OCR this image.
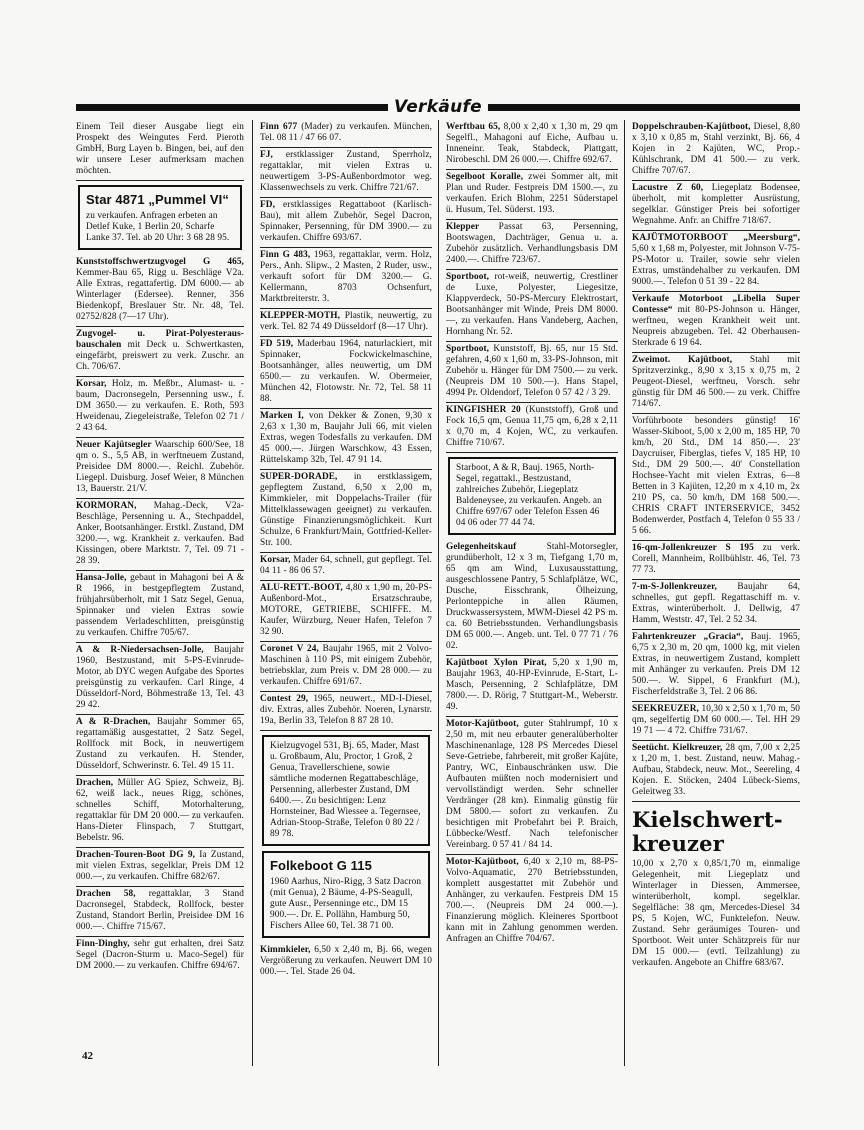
Verkäufe
Einem Teil dieser Ausgabe liegt ein Prospekt des Weingutes Ferd. Pieroth GmbH, Burg Layen b. Bingen, bei, auf den wir unsere Leser aufmerksam machen möchten.
Star 4871 „Pummel VI“
zu verkaufen. Anfragen erbeten an Detlef Kuke, 1 Berlin 20, Scharfe Lanke 37. Tel. ab 20 Uhr: 3 68 28 95.
Kunststoffschwertzugvogel G 465, Kemmer-Bau 65, Rigg u. Beschläge V2a. Alle Extras, regattafertig. DM 6000.— ab Winterlager (Edersee). Renner, 356 Biedenkopf, Breslauer Str. Nr. 48, Tel. 02752/828 (7—17 Uhr).
Zugvogel- u. Pirat-Polyesteraus-bauschalen mit Deck u. Schwertkasten, eingefärbt, preiswert zu verk. Zuschr. an Ch. 706/67.
Korsar, Holz, m. Meßbr., Alumast- u. -baum, Dacronsegeln, Persenning usw., f. DM 3650.— zu verkaufen. E. Roth, 593 Hweidenau, Ziegeleistraße, Telefon 02 71 / 2 43 64.
Neuer Kajütsegler Waarschip 600/See, 18 qm o. S., 5,5 AB, in werftneuem Zustand, Preisidee DM 8000.—. Reichl. Zubehör. Liegepl. Duisburg. Josef Weier, 8 München 13, Bauerstr. 21/V.
KORMORAN, Mahag.-Deck, V2a-Beschläge, Persenning u. A., Stechpaddel, Anker, Bootsanhänger. Erstkl. Zustand, DM 3200.—, wg. Krankheit z. verkaufen. Bad Kissingen, obere Marktstr. 7, Tel. 09 71 - 28 39.
Hansa-Jolle, gebaut in Mahagoni bei A & R 1966, in bestgepflegtem Zustand, frühjahrsüberholt, mit 1 Satz Segel, Genua, Spinnaker und vielen Extras sowie passendem Verladeschlitten, preisgünstig zu verkaufen. Chiffre 705/67.
A & R-Niedersachsen-Jolle, Baujahr 1960, Bestzustand, mit 5-PS-Evinrude-Motor, ab DYC wegen Aufgabe des Sportes preisgünstig zu verkaufen. Carl Ringe, 4 Düsseldorf-Nord, Böhmestraße 13, Tel. 43 29 42.
A & R-Drachen, Baujahr Sommer 65, regattamäßig ausgestattet, 2 Satz Segel, Rollfock mit Bock, in neuwertigem Zustand zu verkaufen. H. Stender, Düsseldorf, Schwerinstr. 6. Tel. 49 15 11.
Drachen, Müller AG Spiez, Schweiz, Bj. 62, weiß lack., neues Rigg, schönes, schnelles Schiff, Motorhalterung, regattaklar für DM 20 000.— zu verkaufen. Hans-Dieter Flinspach, 7 Stuttgart, Bebelstr. 96.
Drachen-Touren-Boot DG 9, Ia Zustand, mit vielen Extras, segelklar, Preis DM 12 000.—, zu verkaufen. Chiffre 682/67.
Drachen 58, regattaklar, 3 Stand Dacronsegel, Stabdeck, Rollfock, bester Zustand, Standort Berlin, Preisidee DM 16 000.—. Chiffre 715/67.
Finn-Dinghy, sehr gut erhalten, drei Satz Segel (Dacron-Sturm u. Maco-Segel) für DM 2000.— zu verkaufen. Chiffre 694/67.
Finn 677 (Mader) zu verkaufen. München, Tel. 08 11 / 47 66 07.
FJ, erstklassiger Zustand, Sperrholz, regattaklar, mit vielen Extras u. neuwertigem 3-PS-Außenbordmotor weg. Klassenwechsels zu verk. Chiffre 721/67.
FD, erstklassiges Regattaboot (Karlisch-Bau), mit allem Zubehör, Segel Dacron, Spinnaker, Persenning, für DM 3900.— zu verkaufen. Chiffre 693/67.
Finn G 483, 1963, regattaklar, verm. Holz, Pers., Anh. Slipw., 2 Masten, 2 Ruder, usw., verkauft sofort für DM 3200.— G. Kellermann, 8703 Ochsenfurt, Marktbreiterstr. 3.
KLEPPER-MOTH, Plastik, neuwertig, zu verk. Tel. 82 74 49 Düsseldorf (8—17 Uhr).
FD 519, Maderbau 1964, naturlackiert, mit Spinnaker, Fockwickelmaschine, Bootsanhänger, alles neuwertig, um DM 6500.— zu verkaufen. W. Obermeier, München 42, Flotowstr. Nr. 72, Tel. 58 11 88.
Marken I, von Dekker & Zonen, 9,30 x 2,63 x 1,30 m, Baujahr Juli 66, mit vielen Extras, wegen Todesfalls zu verkaufen. DM 45 000.—. Jürgen Warschkow, 43 Essen, Rüttelskamp 32b, Tel. 47 91 14.
SUPER-DORADE, in erstklassigem, gepflegtem Zustand, 6,50 x 2,00 m, Kimmkieler, mit Doppelachs-Trailer (für Mittelklassewagen geeignet) zu verkaufen. Günstige Finanzierungsmöglichkeit. Kurt Schulze, 6 Frankfurt/Main, Gottfried-Keller-Str. 100.
Korsar, Mader 64, schnell, gut gepflegt. Tel. 04 11 - 86 06 57.
ALU-RETT.-BOOT, 4,80 x 1,90 m, 20-PS-Außenbord-Mot., Ersatzschraube, MOTORE, GETRIEBE, SCHIFFE. M. Kaufer, Würzburg, Neuer Hafen, Telefon 7 32 90.
Coronet V 24, Baujahr 1965, mit 2 Volvo-Maschinen à 110 PS, mit einigem Zubehör, betriebsklar, zum Preis v. DM 28 000.— zu verkaufen. Chiffre 691/67.
Contest 29, 1965, neuwert., MD-I-Diesel, div. Extras, alles Zubehör. Noeren, Lynarstr. 19a, Berlin 33, Telefon 8 87 28 10.
Kielzugvogel 531, Bj. 65, Mader, Mast u. Großbaum, Alu, Proctor, 1 Groß, 2 Genua, Travellerschiene, sowie sämtliche modernen Regattabeschläge, Persenning, allerbester Zustand, DM 6400.—. Zu besichtigen: Lenz Hornsteiner, Bad Wiessee a. Tegernsee, Adrian-Stoop-Straße, Telefon 0 80 22 / 89 78.
Folkeboot G 115
1960 Aarhus, Niro-Rigg, 3 Satz Dacron (mit Genua), 2 Bäume, 4-PS-Seagull, gute Ausr., Persenninge etc., DM 15 900.—. Dr. E. Pollähn, Hamburg 50, Fischers Allee 60, Tel. 38 71 00.
Kimmkieler, 6,50 x 2,40 m, Bj. 66, wegen Vergrößerung zu verkaufen. Neuwert DM 10 000.—. Tel. Stade 26 04.
Werftbau 65, 8,00 x 2,40 x 1,30 m, 29 qm Segelfl., Mahagoni auf Eiche, Aufbau u. Inneneinr. Teak, Stabdeck, Plattgatt, Nirobeschl. DM 26 000.—. Chiffre 692/67.
Segelboot Koralle, zwei Sommer alt, mit Plan und Ruder. Festpreis DM 1500.—, zu verkaufen. Erich Blohm, 2251 Süderstapel ü. Husum, Tel. Süderst. 193.
Klepper Passat 63, Persenning, Bootswagen, Dachträger, Genua u. a. Zubehör zusätzlich. Verhandlungsbasis DM 2400.—. Chiffre 723/67.
Sportboot, rot-weiß, neuwertig, Crestliner de Luxe, Polyester, Liegesitze, Klappverdeck, 50-PS-Mercury Elektrostart, Bootsanhänger mit Winde, Preis DM 8000.—, zu verkaufen. Hans Vandeberg, Aachen, Hornhang Nr. 52.
Sportboot, Kunststoff, Bj. 65, nur 15 Std. gefahren, 4,60 x 1,60 m, 33-PS-Johnson, mit Zubehör u. Hänger für DM 7500.— zu verk. (Neupreis DM 10 500.—). Hans Stapel, 4994 Pr. Oldendorf, Telefon 0 57 42 / 3 29.
KINGFISHER 20 (Kunststoff), Groß und Fock 16,5 qm, Genua 11,75 qm, 6,28 x 2,11 x 0,70 m, 4 Kojen, WC, zu verkaufen. Chiffre 710/67.
Starboot, A & R, Bauj. 1965, North-Segel, regattakl., Bestzustand, zahlreiches Zubehör, Liegeplatz Baldeneysee, zu verkaufen. Angeb. an Chiffre 697/67 oder Telefon Essen 46 04 06 oder 77 44 74.
Gelegenheitskauf	Stahl-Motorsegler, grundüberholt, 12 x 3 m, Tiefgang 1,70 m, 65 qm am Wind, Luxusausstattung, ausgeschlossene Pantry, 5 Schlafplätze, WC, Dusche, Eisschrank, Ölheizung, Perlonteppiche in allen Räumen, Druckwassersystem, MWM-Diesel 42 PS m. ca. 60 Betriebsstunden. Verhandlungsbasis DM 65 000.—. Angeb. unt. Tel. 0 77 71 / 76 02.
Kajütboot Xylon Pirat, 5,20 x 1,90 m, Baujahr 1963, 40-HP-Evinrude, E-Start, L-Masch, Persenning, 2 Schlafplätze, DM 7800.—. D. Rörig, 7 Stuttgart-M., Weberstr. 49.
Motor-Kajütboot, guter Stahlrumpf, 10 x 2,50 m, mit neu erbauter generalüberholter Maschinenanlage, 128 PS Mercedes Diesel Seve-Getriebe, fahrbereit, mit großer Kajüte, Pantry, WC, Einbauschränken usw. Die Aufbauten müßten noch modernisiert und vervollständigt werden. Sehr schneller Verdränger (28 km). Einmalig günstig für DM 5800.— sofort zu verkaufen. Zu besichtigen mit Probefahrt bei P. Braich, Lübbecke/Westf. Nach telefonischer Vereinbarg. 0 57 41 / 84 14.
Motor-Kajütboot, 6,40 x 2,10 m, 88-PS-Volvo-Aquamatic, 270 Betriebsstunden, komplett ausgestattet mit Zubehör und Anhänger, zu verkaufen. Festpreis DM 15 700.—. (Neupreis DM 24 000.—). Finanzierung möglich. Kleineres Sportboot kann mit in Zahlung genommen werden. Anfragen an Chiffre 704/67.
Doppelschrauben-Kajütboot, Diesel, 8,80 x 3,10 x 0,85 m, Stahl verzinkt, Bj. 66, 4 Kojen in 2 Kajüten, WC, Prop.-Kühlschrank, DM 41 500.— zu verk. Chiffre 707/67.
Lacustre Z 60, Liegeplatz Bodensee, überholt, mit kompletter Ausrüstung, segelklar. Günstiger Preis bei sofortiger Wegnahme. Anfr. an Chiffre 718/67.
KAJÜTMOTORBOOT „Meersburg“, 5,60 x 1,68 m, Polyester, mit Johnson V-75-PS-Motor u. Trailer, sowie sehr vielen Extras, umständehalber zu verkaufen. DM 9000.—. Telefon 0 51 39 - 22 84.
Verkaufe Motorboot „Libella Super Contesse“ mit 80-PS-Johnson u. Hänger, werftneu, wegen Krankheit weit unt. Neupreis abzugeben. Tel. 42 Oberhausen-Sterkrade 6 19 64.
Zweimot. Kajütboot, Stahl mit Spritzverzinkg., 8,90 x 3,15 x 0,75 m, 2 Peugeot-Diesel, werftneu, Vorsch. sehr günstig für DM 46 500.— zu verk. Chiffre 714/67.
Vorführboote besonders günstig! 16' Wasser-Skiboot, 5,00 x 2,00 m, 185 HP, 70 km/h, 20 Std., DM 14 850.—. 23' Daycruiser, Fiberglas, tiefes V, 185 HP, 10 Std., DM 29 500.—. 40' Constellation Hochsee-Yacht mit vielen Extras, 6—8 Betten in 3 Kajüten, 12,20 m x 4,10 m, 2x 210 PS, ca. 50 km/h, DM 168 500.—. CHRIS CRAFT INTERSERVICE, 3452 Bodenwerder, Postfach 4, Telefon 0 55 33 / 5 66.
16-qm-Jollenkreuzer S 195 zu verk. Corell, Mannheim, Rollbühlstr. 46, Tel. 73 77 73.
7-m-S-Jollenkreuzer, Baujahr 64, schnelles, gut gepfl. Regattaschiff m. v. Extras, winterüberholt. J. Dellwig, 47 Hamm, Weststr. 47, Tel. 2 52 34.
Fahrtenkreuzer „Gracia“, Bauj. 1965, 6,75 x 2,30 m, 20 qm, 1000 kg, mit vielen Extras, in neuwertigem Zustand, komplett mit Anhänger zu verkaufen. Preis DM 12 500.—. W. Sippel, 6 Frankfurt (M.), Fischerfeldstraße 3, Tel. 2 06 86.
SEEKREUZER, 10,30 x 2,50 x 1,70 m, 50 qm, segelfertig DM 60 000.—. Tel. HH 29 19 71 — 4 72. Chiffre 731/67.
Seetücht. Kielkreuzer, 28 qm, 7,00 x 2,25 x 1,20 m, 1. best. Zustand, neuw. Mahag.-Aufbau, Stabdeck, neuw. Mot., Seereling, 4 Kojen. E. Stöcken, 2404 Lübeck-Siems, Geleitweg 33.
Kielschwert-kreuzer
10,00 x 2,70 x 0,85/1,70 m, einmalige Gelegenheit, mit Liegeplatz und Winterlager in Diessen, Ammersee, winterüberholt, kompl. segelklar. Segelfläche: 38 qm, Mercedes-Diesel 34 PS, 5 Kojen, WC, Funktelefon. Neuw. Zustand. Sehr geräumiges Touren- und Sportboot. Weit unter Schätzpreis für nur DM 15 000.— (evtl. Teilzahlung) zu verkaufen. Angebote an Chiffre 683/67.
42
